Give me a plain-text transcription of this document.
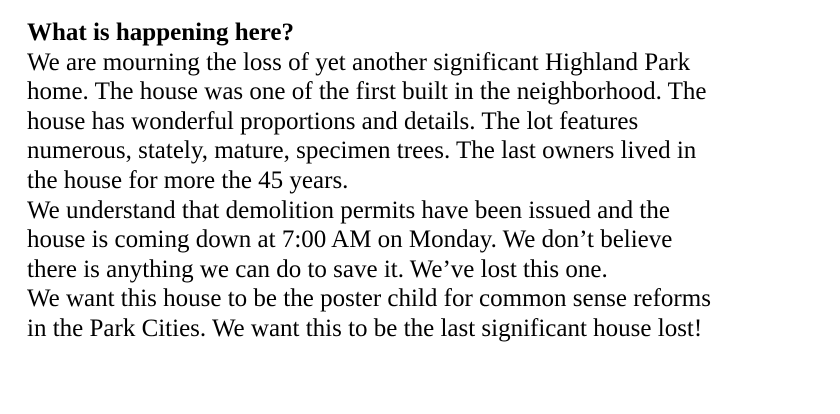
What is happening here?
We are mourning the loss of yet another significant Highland Park
home. The house was one of the first built in the neighborhood. The
house has wonderful proportions and details. The lot features
numerous, stately, mature, specimen trees. The last owners lived in
the house for more the 45 years.
We understand that demolition permits have been issued and the
house is coming down at 7:00 AM on Monday. We don’t believe
there is anything we can do to save it. We’ve lost this one.
We want this house to be the poster child for common sense reforms
in the Park Cities. We want this to be the last significant house lost!
